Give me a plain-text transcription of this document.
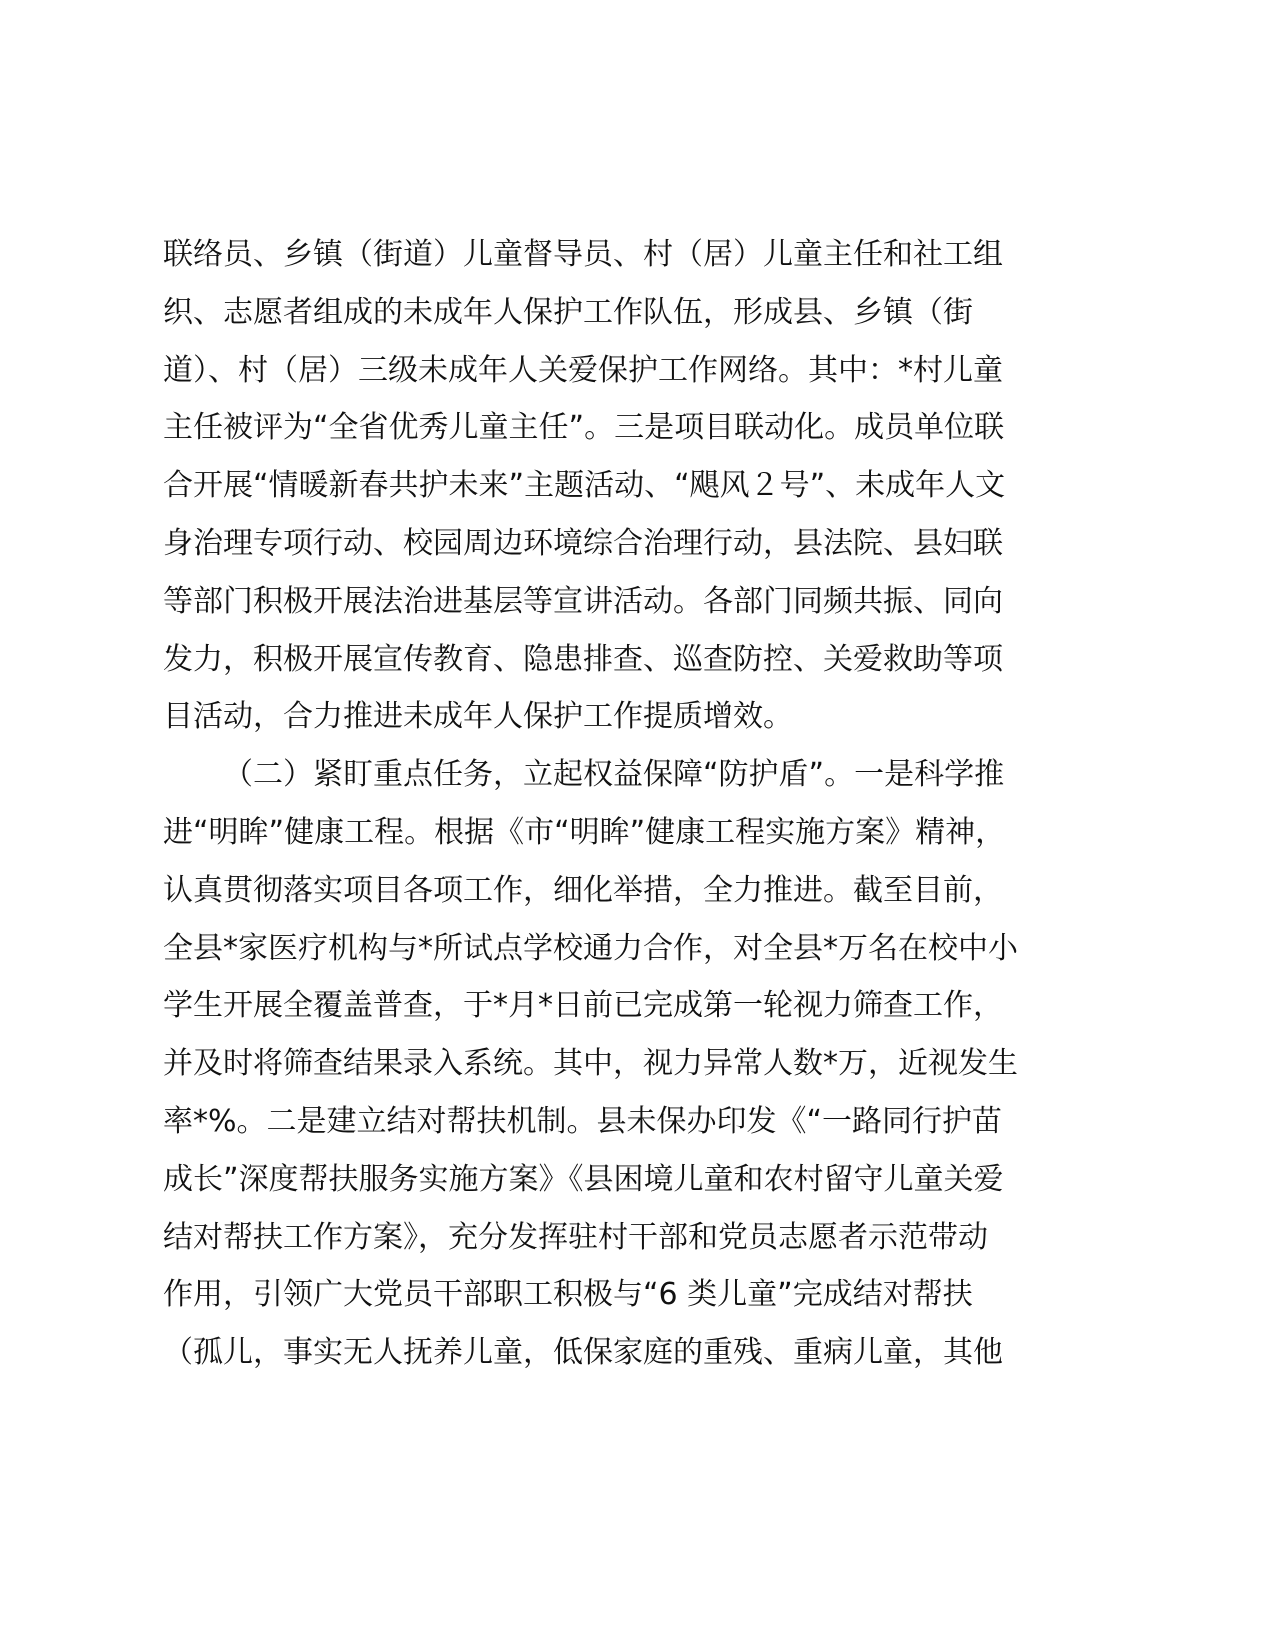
联络员、乡镇（街道）儿童督导员、村（居）儿童主任和社工组
织、志愿者组成的未成年人保护工作队伍，形成县、乡镇（街
道）、村（居）三级未成年人关爱保护工作网络。其中：*村儿童
主任被评为“全省优秀儿童主任”。三是项目联动化。成员单位联
合开展“情暖新春共护未来”主题活动、“飓风２号”、未成年人文
身治理专项行动、校园周边环境综合治理行动，县法院、县妇联
等部门积极开展法治进基层等宣讲活动。各部门同频共振、同向
发力，积极开展宣传教育、隐患排查、巡查防控、关爱救助等项
目活动，合力推进未成年人保护工作提质增效。
（二）紧盯重点任务，立起权益保障“防护盾”。一是科学推
进“明眸”健康工程。根据《市“明眸”健康工程实施方案》精神，
认真贯彻落实项目各项工作，细化举措，全力推进。截至目前，
全县*家医疗机构与*所试点学校通力合作，对全县*万名在校中小
学生开展全覆盖普查，于*月*日前已完成第一轮视力筛查工作，
并及时将筛查结果录入系统。其中，视力异常人数*万，近视发生
率*%。二是建立结对帮扶机制。县未保办印发《“一路同行护苗
成长”深度帮扶服务实施方案》《县困境儿童和农村留守儿童关爱
结对帮扶工作方案》，充分发挥驻村干部和党员志愿者示范带动
作用，引领广大党员干部职工积极与“6 类儿童”完成结对帮扶
（孤儿，事实无人抚养儿童，低保家庭的重残、重病儿童，其他
